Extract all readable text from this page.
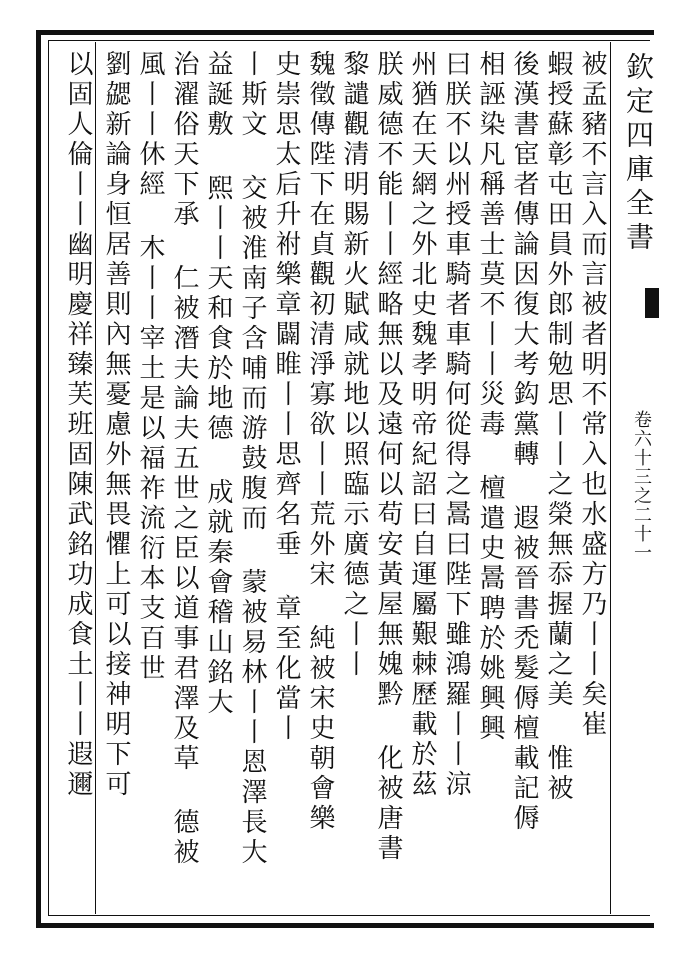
欽定四庫全書
卷六十三之二十一
被孟豬不言入而言被者明不常入也水盛方乃丨丨矣崔
蝦授蘇彰屯田員外郎制勉思丨丨之榮無忝握蘭之美 惟被
後漢書宦者傳論因復大考鈎黨轉 遐被晉書禿髮傉檀載記傉
相誣染凡稱善士莫不丨丨災毒 檀遣史暠聘於姚興興
曰朕不以州授車騎者車騎何從得之暠曰陛下雖鴻羅丨丨涼
州猶在天網之外北史魏孝明帝紀詔曰自運屬艱棘歷載於茲
朕威德不能丨丨經略無以及遠何以苟安黃屋無媿黔 化被唐書
黎譴觀清明賜新火賦咸就地以照臨示廣德之丨丨
魏徵傳陛下在貞觀初清淨寡欲丨丨荒外宋 純被宋史朝會樂
史崇思太后升祔樂章闢睢丨丨思齊名垂 章至化當丨
丨斯文 交被淮南子含哺而游鼓腹而 蒙被易林丨丨恩澤長大
益誕敷 熙丨丨天和食於地德 成就秦會稽山銘大
治濯俗天下承 仁被潛夫論夫五世之臣以道事君澤及草 德被
風丨丨休經 木丨丨宰土是以福祚流衍本支百世
劉勰新論身恒居善則內無憂慮外無畏懼上可以接神明下可
以固人倫丨丨幽明慶祥臻芙班固陳武銘功成食土丨丨遐邇
